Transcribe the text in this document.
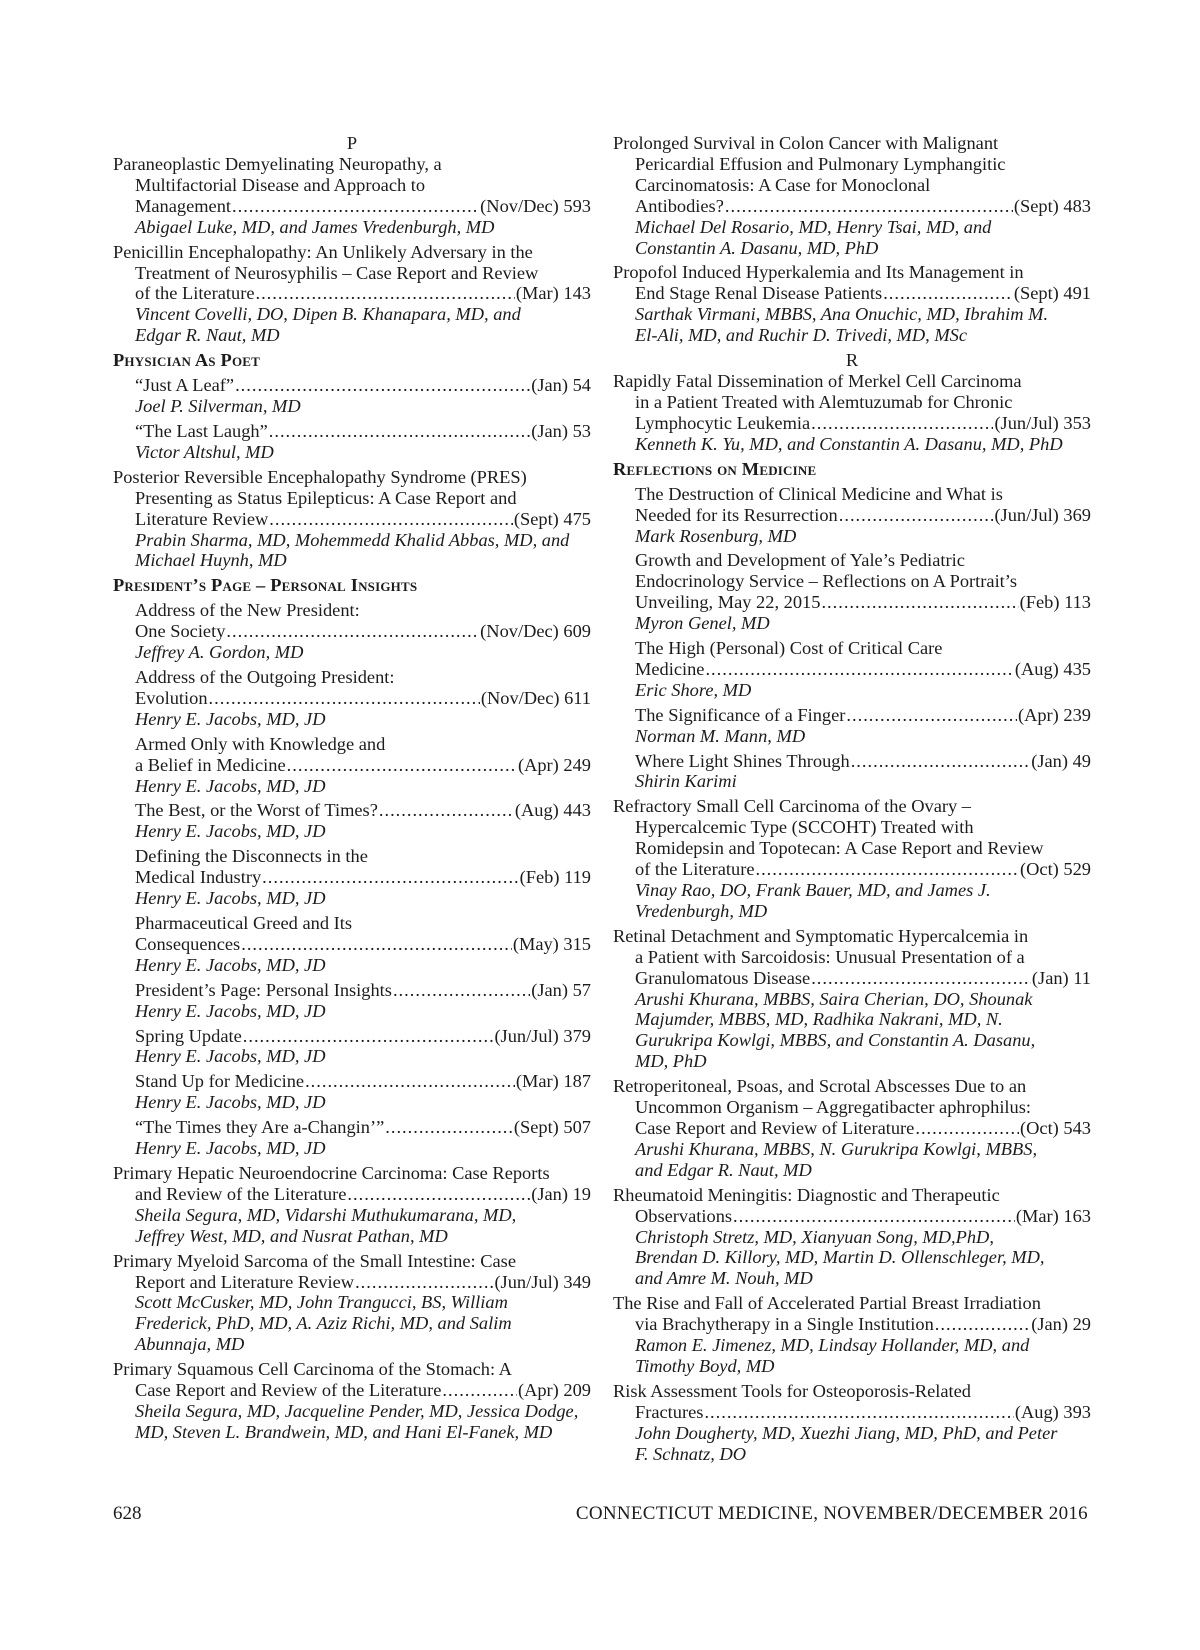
P
Paraneoplastic Demyelinating Neuropathy, a
Multifactorial Disease and Approach to
Management .....	(Nov/Dec) 593
Abigael Luke, MD, and James Vredenburgh, MD
Penicillin Encephalopathy: An Unlikely Adversary in the
Treatment of Neurosyphilis – Case Report and Review
of the Literature .....	(Mar) 143
Vincent Covelli, DO, Dipen B. Khanapara, MD, and
Edgar R. Naut, MD
Physician As Poet
“Just A Leaf” .....	(Jan) 54
Joel P. Silverman, MD
“The Last Laugh” .....	(Jan) 53
Victor Altshul, MD
Posterior Reversible Encephalopathy Syndrome (PRES)
Presenting as Status Epilepticus: A Case Report and
Literature Review .....	(Sept) 475
Prabin Sharma, MD, Mohemmedd Khalid Abbas, MD, and
Michael Huynh, MD
President’s Page – Personal Insights
Address of the New President:
One Society .....	(Nov/Dec) 609
Jeffrey A. Gordon, MD
Address of the Outgoing President:
Evolution .....	(Nov/Dec) 611
Henry E. Jacobs, MD, JD
Armed Only with Knowledge and
a Belief in Medicine .....	(Apr) 249
Henry E. Jacobs, MD, JD
The Best, or the Worst of Times? .....	(Aug) 443
Henry E. Jacobs, MD, JD
Defining the Disconnects in the
Medical Industry .....	(Feb) 119
Henry E. Jacobs, MD, JD
Pharmaceutical Greed and Its
Consequences .....	(May) 315
Henry E. Jacobs, MD, JD
President’s Page: Personal Insights .....	(Jan) 57
Henry E. Jacobs, MD, JD
Spring Update .....	(Jun/Jul) 379
Henry E. Jacobs, MD, JD
Stand Up for Medicine .....	(Mar) 187
Henry E. Jacobs, MD, JD
“The Times they Are a-Changin’” .....	(Sept) 507
Henry E. Jacobs, MD, JD
Primary Hepatic Neuroendocrine Carcinoma: Case Reports
and Review of the Literature .....	(Jan) 19
Sheila Segura, MD, Vidarshi Muthukumarana, MD,
Jeffrey West, MD, and Nusrat Pathan, MD
Primary Myeloid Sarcoma of the Small Intestine: Case
Report and Literature Review .....	(Jun/Jul) 349
Scott McCusker, MD, John Trangucci, BS, William
Frederick, PhD, MD, A. Aziz Richi, MD, and Salim
Abunnaja, MD
Primary Squamous Cell Carcinoma of the Stomach: A
Case Report and Review of the Literature .....	(Apr) 209
Sheila Segura, MD, Jacqueline Pender, MD, Jessica Dodge,
MD, Steven L. Brandwein, MD, and Hani El-Fanek, MD
Prolonged Survival in Colon Cancer with Malignant
Pericardial Effusion and Pulmonary Lymphangitic
Carcinomatosis: A Case for Monoclonal
Antibodies? .....	(Sept) 483
Michael Del Rosario, MD, Henry Tsai, MD, and
Constantin A. Dasanu, MD, PhD
Propofol Induced Hyperkalemia and Its Management in
End Stage Renal Disease Patients .....	(Sept) 491
Sarthak Virmani, MBBS, Ana Onuchic, MD, Ibrahim M.
El-Ali, MD, and Ruchir D. Trivedi, MD, MSc
R
Rapidly Fatal Dissemination of Merkel Cell Carcinoma
in a Patient Treated with Alemtuzumab for Chronic
Lymphocytic Leukemia .....	(Jun/Jul) 353
Kenneth K. Yu, MD, and Constantin A. Dasanu, MD, PhD
Reflections on Medicine
The Destruction of Clinical Medicine and What is
Needed for its Resurrection .....	(Jun/Jul) 369
Mark Rosenburg, MD
Growth and Development of Yale’s Pediatric
Endocrinology Service – Reflections on A Portrait’s
Unveiling, May 22, 2015 .....	(Feb) 113
Myron Genel, MD
The High (Personal) Cost of Critical Care
Medicine .....	(Aug) 435
Eric Shore, MD
The Significance of a Finger .....	(Apr) 239
Norman M. Mann, MD
Where Light Shines Through .....	(Jan) 49
Shirin Karimi
Refractory Small Cell Carcinoma of the Ovary –
Hypercalcemic Type (SCCOHT) Treated with
Romidepsin and Topotecan: A Case Report and Review
of the Literature .....	(Oct) 529
Vinay Rao, DO, Frank Bauer, MD, and James J.
Vredenburgh, MD
Retinal Detachment and Symptomatic Hypercalcemia in
a Patient with Sarcoidosis: Unusual Presentation of a
Granulomatous Disease .....	(Jan) 11
Arushi Khurana, MBBS, Saira Cherian, DO, Shounak
Majumder, MBBS, MD, Radhika Nakrani, MD, N.
Gurukripa Kowlgi, MBBS, and Constantin A. Dasanu,
MD, PhD
Retroperitoneal, Psoas, and Scrotal Abscesses Due to an
Uncommon Organism – Aggregatibacter aphrophilus:
Case Report and Review of Literature .....	(Oct) 543
Arushi Khurana, MBBS, N. Gurukripa Kowlgi, MBBS,
and Edgar R. Naut, MD
Rheumatoid Meningitis: Diagnostic and Therapeutic
Observations .....	(Mar) 163
Christoph Stretz, MD, Xianyuan Song, MD,PhD,
Brendan D. Killory, MD, Martin D. Ollenschleger, MD,
and Amre M. Nouh, MD
The Rise and Fall of Accelerated Partial Breast Irradiation
via Brachytherapy in a Single Institution .....	(Jan) 29
Ramon E. Jimenez, MD, Lindsay Hollander, MD, and
Timothy Boyd, MD
Risk Assessment Tools for Osteoporosis-Related
Fractures .....	(Aug) 393
John Dougherty, MD, Xuezhi Jiang, MD, PhD, and Peter
F. Schnatz, DO
628	CONNECTICUT MEDICINE, NOVEMBER/DECEMBER 2016
